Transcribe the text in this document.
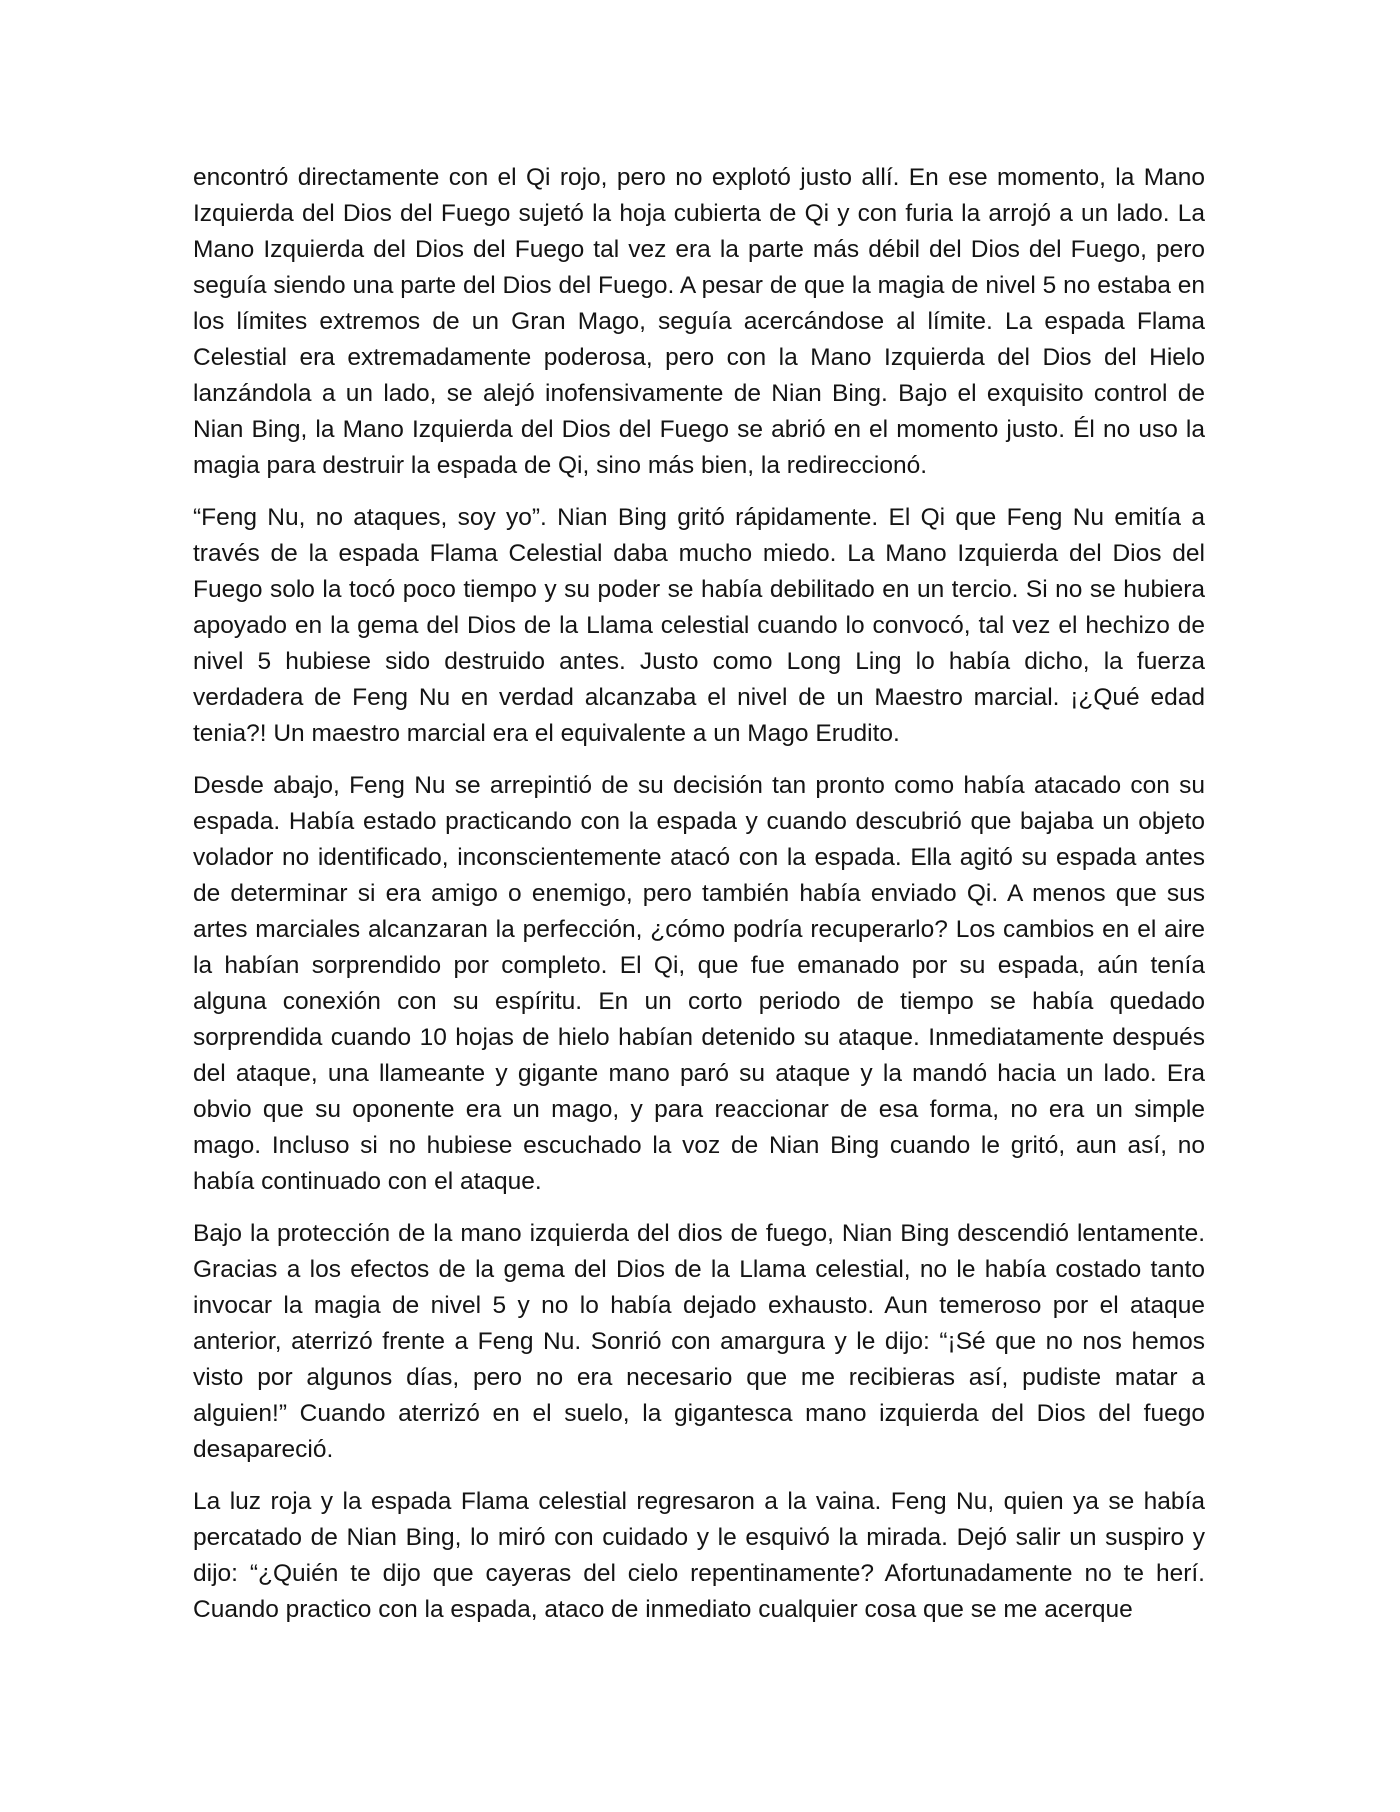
encontró directamente con el Qi rojo, pero no explotó justo allí. En ese momento, la Mano Izquierda del Dios del Fuego sujetó la hoja cubierta de Qi y con furia la arrojó a un lado. La Mano Izquierda del Dios del Fuego tal vez era la parte más débil del Dios del Fuego, pero seguía siendo una parte del Dios del Fuego. A pesar de que la magia de nivel 5 no estaba en los límites extremos de un Gran Mago, seguía acercándose al límite. La espada Flama Celestial era extremadamente poderosa, pero con la Mano Izquierda del Dios del Hielo lanzándola a un lado, se alejó inofensivamente de Nian Bing. Bajo el exquisito control de Nian Bing, la Mano Izquierda del Dios del Fuego se abrió en el momento justo. Él no uso la magia para destruir la espada de Qi, sino más bien, la redireccionó.

“Feng Nu, no ataques, soy yo”. Nian Bing gritó rápidamente. El Qi que Feng Nu emitía a través de la espada Flama Celestial daba mucho miedo. La Mano Izquierda del Dios del Fuego solo la tocó poco tiempo y su poder se había debilitado en un tercio. Si no se hubiera apoyado en la gema del Dios de la Llama celestial cuando lo convocó, tal vez el hechizo de nivel 5 hubiese sido destruido antes. Justo como Long Ling lo había dicho, la fuerza verdadera de Feng Nu en verdad alcanzaba el nivel de un Maestro marcial. ¡¿Qué edad tenia?! Un maestro marcial era el equivalente a un Mago Erudito.

Desde abajo, Feng Nu se arrepintió de su decisión tan pronto como había atacado con su espada. Había estado practicando con la espada y cuando descubrió que bajaba un objeto volador no identificado, inconscientemente atacó con la espada. Ella agitó su espada antes de determinar si era amigo o enemigo, pero también había enviado Qi. A menos que sus artes marciales alcanzaran la perfección, ¿cómo podría recuperarlo? Los cambios en el aire la habían sorprendido por completo. El Qi, que fue emanado por su espada, aún tenía alguna conexión con su espíritu. En un corto periodo de tiempo se había quedado sorprendida cuando 10 hojas de hielo habían detenido su ataque. Inmediatamente después del ataque, una llameante y gigante mano paró su ataque y la mandó hacia un lado. Era obvio que su oponente era un mago, y para reaccionar de esa forma, no era un simple mago. Incluso si no hubiese escuchado la voz de Nian Bing cuando le gritó, aun así, no había continuado con el ataque.

Bajo la protección de la mano izquierda del dios de fuego, Nian Bing descendió lentamente. Gracias a los efectos de la gema del Dios de la Llama celestial, no le había costado tanto invocar la magia de nivel 5 y no lo había dejado exhausto. Aun temeroso por el ataque anterior, aterrizó frente a Feng Nu. Sonrió con amargura y le dijo: “¡Sé que no nos hemos visto por algunos días, pero no era necesario que me recibieras así, pudiste matar a alguien!” Cuando aterrizó en el suelo, la gigantesca mano izquierda del Dios del fuego desapareció.

La luz roja y la espada Flama celestial regresaron a la vaina. Feng Nu, quien ya se había percatado de Nian Bing, lo miró con cuidado y le esquivó la mirada. Dejó salir un suspiro y dijo: “¿Quién te dijo que cayeras del cielo repentinamente? Afortunadamente no te herí. Cuando practico con la espada, ataco de inmediato cualquier cosa que se me acerque
